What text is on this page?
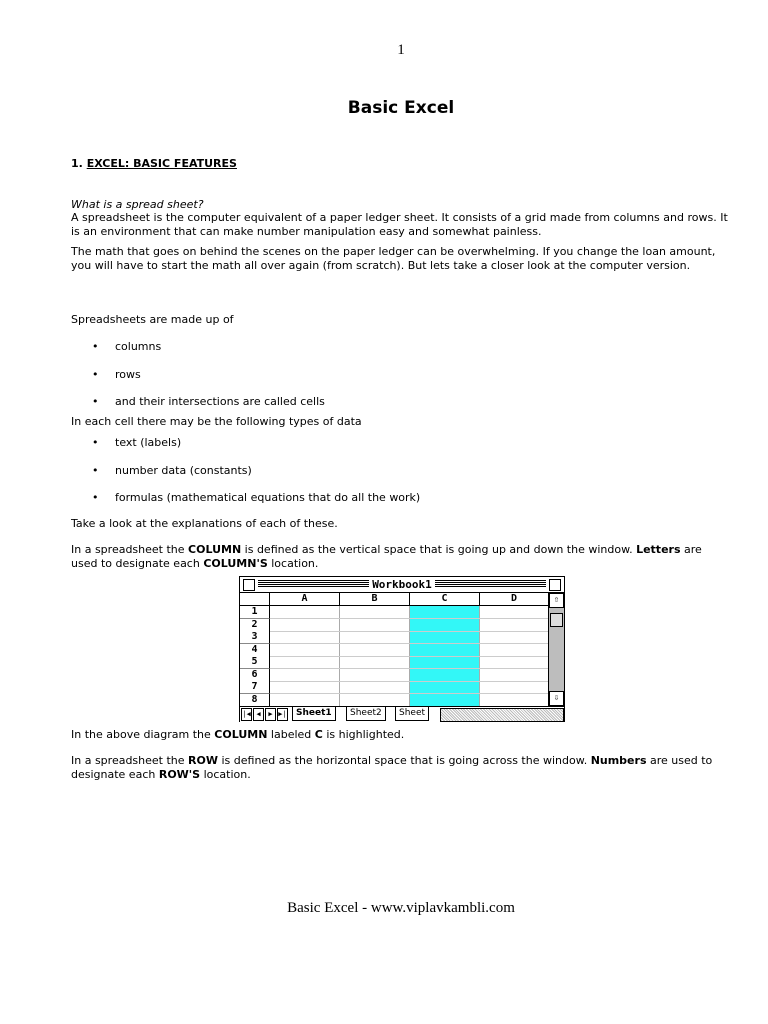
1
Basic Excel
1. EXCEL: BASIC FEATURES
What is a spread sheet?
A spreadsheet is the computer equivalent of a paper ledger sheet. It consists of a grid made from columns and rows. It is an environment that can make number manipulation easy and somewhat painless.
The math that goes on behind the scenes on the paper ledger can be overwhelming. If you change the loan amount, you will have to start the math all over again (from scratch). But lets take a closer look at the computer version.
Spreadsheets are made up of
• columns
• rows
• and their intersections are called cells
In each cell there may be the following types of data
• text (labels)
• number data (constants)
• formulas (mathematical equations that do all the work)
Take a look at the explanations of each of these.
In a spreadsheet the COLUMN is defined as the vertical space that is going up and down the window. Letters are used to designate each COLUMN'S location.
Workbook1
A	B	C	D
1
2
3
4
5
6
7
8
⇧
⇩
|◀ ◀	▶ ▶|	Sheet1	Sheet2	Sheet
In the above diagram the COLUMN labeled C is highlighted.
In a spreadsheet the ROW is defined as the horizontal space that is going across the window. Numbers are used to designate each ROW'S location.
Basic Excel - www.viplavkambli.com
